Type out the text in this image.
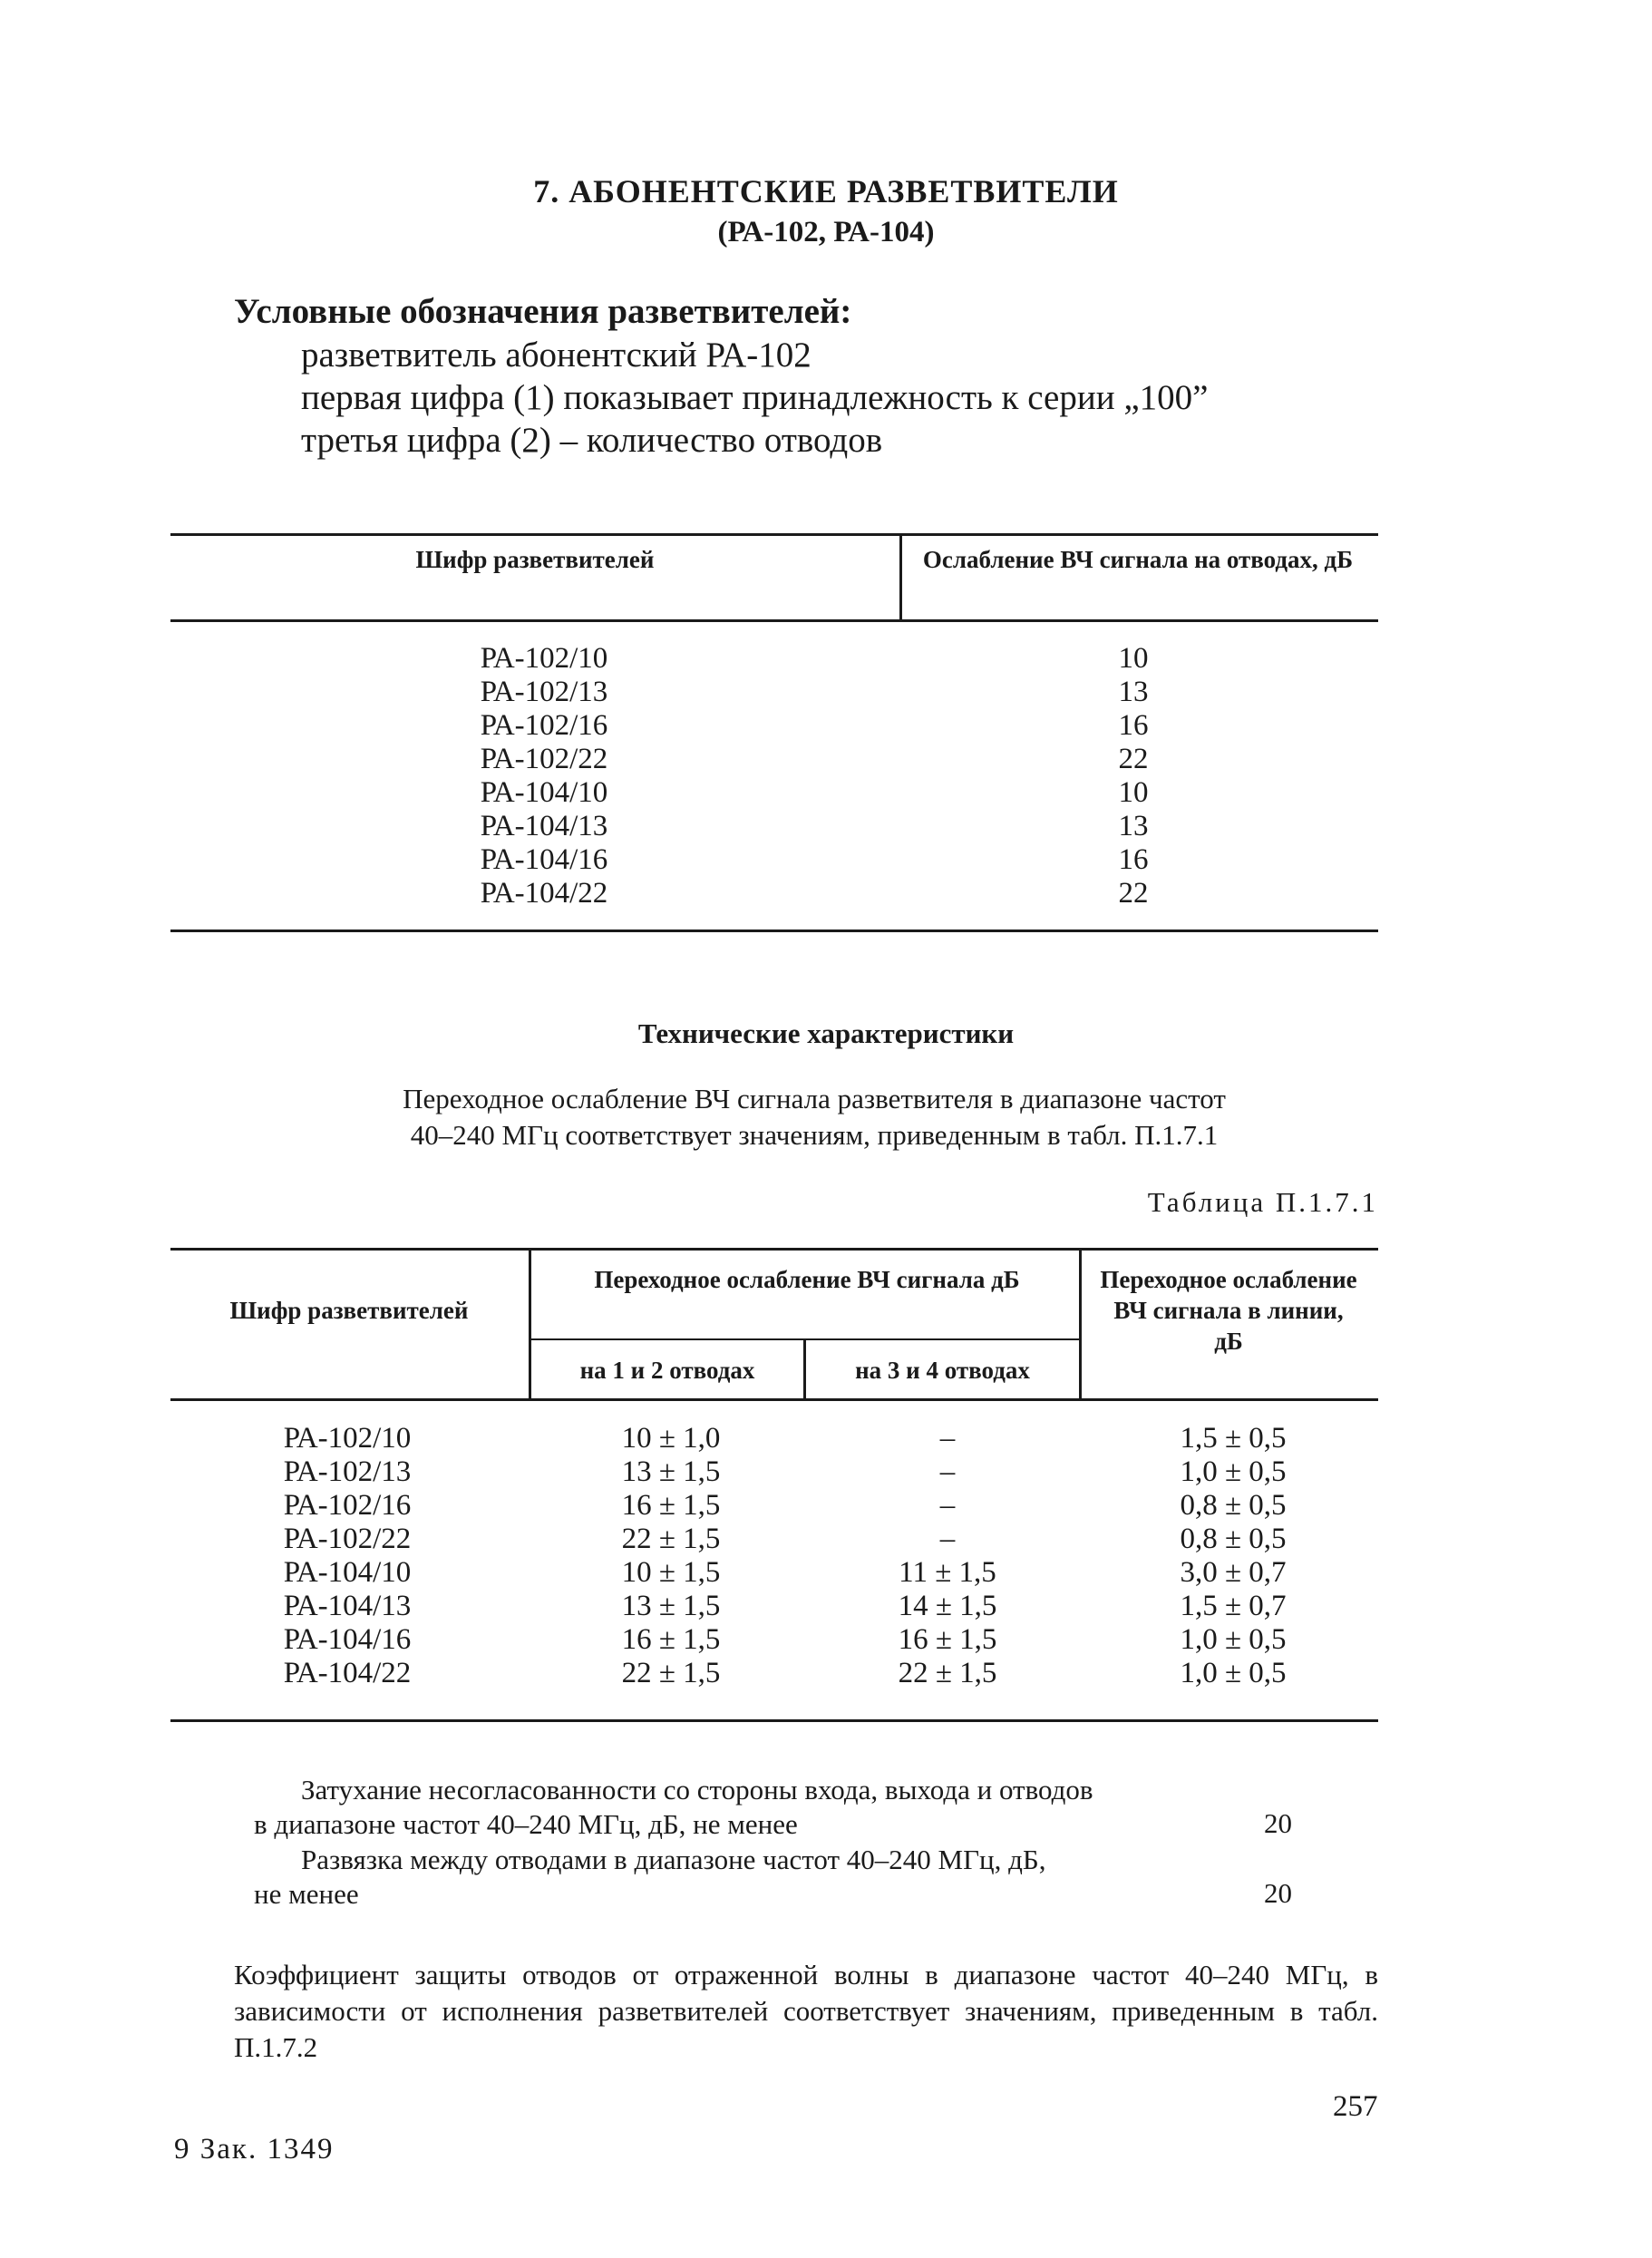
7. АБОНЕНТСКИЕ РАЗВЕТВИТЕЛИ
(РА-102, РА-104)
Условные обозначения разветвителей:
разветвитель абонентский РА-102
первая цифра (1) показывает принадлежность к серии „100”
третья цифра (2) – количество отводов
Шифр разветвителей	Ослабление ВЧ сигнала на отводах, дБ
РА-102/10	10
РА-102/13	13
РА-102/16	16
РА-102/22	22
РА-104/10	10
РА-104/13	13
РА-104/16	16
РА-104/22	22
Технические характеристики
Переходное ослабление ВЧ сигнала разветвителя в диапазоне частот
40–240 МГц соответствует значениям, приведенным в табл. П.1.7.1
Таблица П.1.7.1
Шифр разветвителей
Переходное ослабление ВЧ сигнала дБ
на 1 и 2 отводах	на 3 и 4 отводах
Переходное ослабление ВЧ сигнала в линии, дБ
РА-102/10	10 ± 1,0	–	1,5 ± 0,5
РА-102/13	13 ± 1,5	–	1,0 ± 0,5
РА-102/16	16 ± 1,5	–	0,8 ± 0,5
РА-102/22	22 ± 1,5	–	0,8 ± 0,5
РА-104/10	10 ± 1,5	11 ± 1,5	3,0 ± 0,7
РА-104/13	13 ± 1,5	14 ± 1,5	1,5 ± 0,7
РА-104/16	16 ± 1,5	16 ± 1,5	1,0 ± 0,5
РА-104/22	22 ± 1,5	22 ± 1,5	1,0 ± 0,5
Затухание несогласованности со стороны входа, выхода и отводов
в диапазоне частот 40–240 МГц, дБ, не менее	20
Развязка между отводами в диапазоне частот 40–240 МГц, дБ,
не менее	20
Коэффициент защиты отводов от отраженной волны в диапазоне частот 40–240 МГц, в зависимости от исполнения разветвителей соответствует значениям, приведенным в табл. П.1.7.2
257
9 Зак. 1349
